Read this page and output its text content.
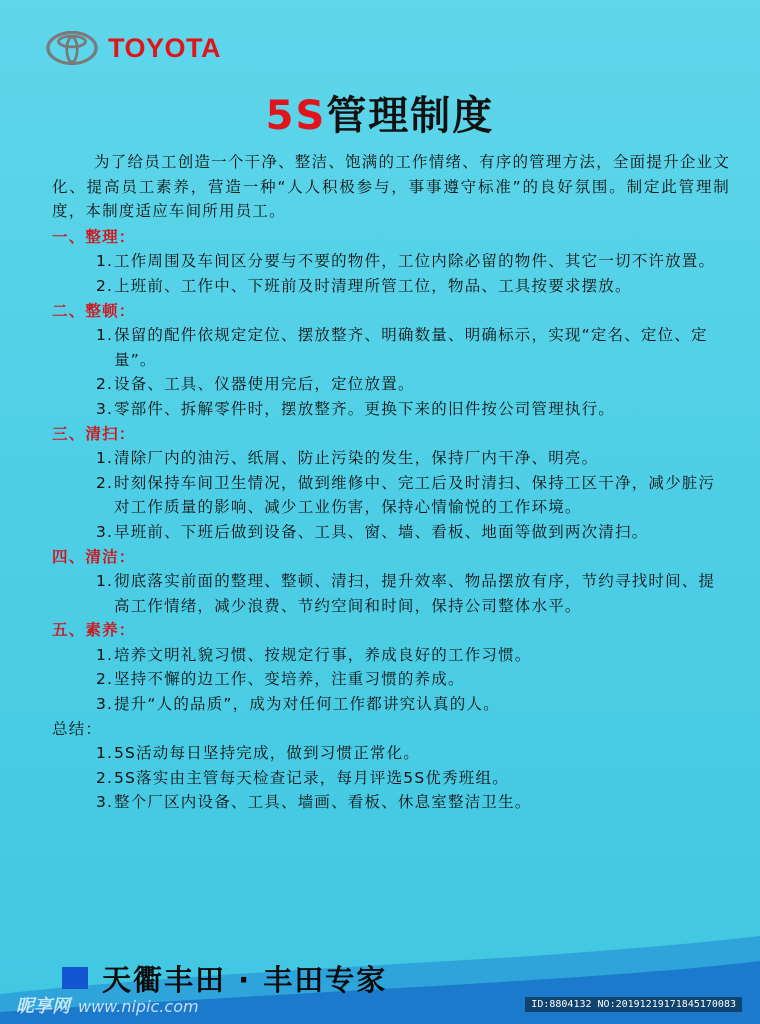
TOYOTA
5S管理制度

为了给员工创造一个干净、整洁、饱满的工作情绪、有序的管理方法，全面提升企业文化、提高员工素养，营造一种“人人积极参与，事事遵守标准”的良好氛围。制定此管理制度，本制度适应车间所用员工。

一、整理：

1. 工作周围及车间区分要与不要的物件，工位内除必留的物件、其它一切不许放置。
2. 上班前、工作中、下班前及时清理所管工位，物品、工具按要求摆放。

二、整顿：

1. 保留的配件依规定定位、摆放整齐、明确数量、明确标示，实现“定名、定位、定量”。
2. 设备、工具、仪器使用完后，定位放置。
3. 零部件、拆解零件时，摆放整齐。更换下来的旧件按公司管理执行。

三、清扫：

1. 清除厂内的油污、纸屑、防止污染的发生，保持厂内干净、明亮。
2. 时刻保持车间卫生情况，做到维修中、完工后及时清扫、保持工区干净，减少脏污对工作质量的影响、减少工业伤害，保持心情愉悦的工作环境。
3. 早班前、下班后做到设备、工具、窗、墙、看板、地面等做到两次清扫。

四、清洁：

1. 彻底落实前面的整理、整顿、清扫，提升效率、物品摆放有序，节约寻找时间、提高工作情绪，减少浪费、节约空间和时间，保持公司整体水平。

五、素养：

1. 培养文明礼貌习惯、按规定行事，养成良好的工作习惯。
2. 坚持不懈的边工作、变培养，注重习惯的养成。
3. 提升“人的品质”，成为对任何工作都讲究认真的人。

总结：

1. 5S活动每日坚持完成，做到习惯正常化。
2. 5S落实由主管每天检查记录，每月评选5S优秀班组。
3. 整个厂区内设备、工具、墙画、看板、休息室整洁卫生。
天衢丰田 · 丰田专家
昵享网 www.nipic.com	ID:8804132 NO:20191219171845170083
